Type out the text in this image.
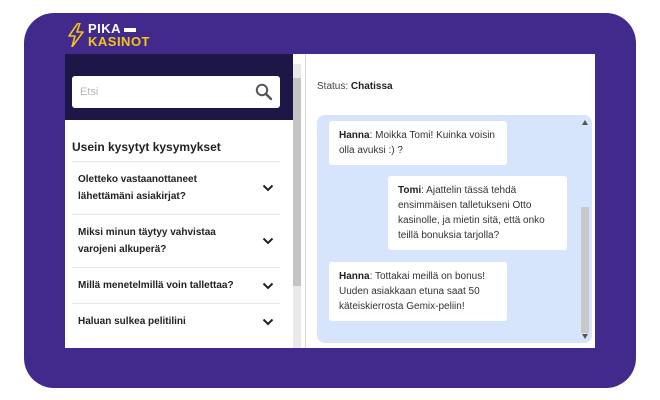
PIKA
KASINOT
Etsi
Usein kysytyt kysymykset
Oletteko vastaanottaneet lähettämäni asiakirjat?
Miksi minun täytyy vahvistaa varojeni alkuperä?
Millä menetelmillä voin tallettaa?
Haluan sulkea pelitilini
Status: Chatissa
Hanna: Moikka Tomi! Kuinka voisin olla avuksi :) ?
Tomi: Ajattelin tässä tehdä ensimmäisen talletukseni Otto kasinolle, ja mietin sitä, että onko teillä bonuksia tarjolla?
Hanna: Tottakai meillä on bonus! Uuden asiakkaan etuna saat 50 käteiskierrosta Gemix-peliin!
